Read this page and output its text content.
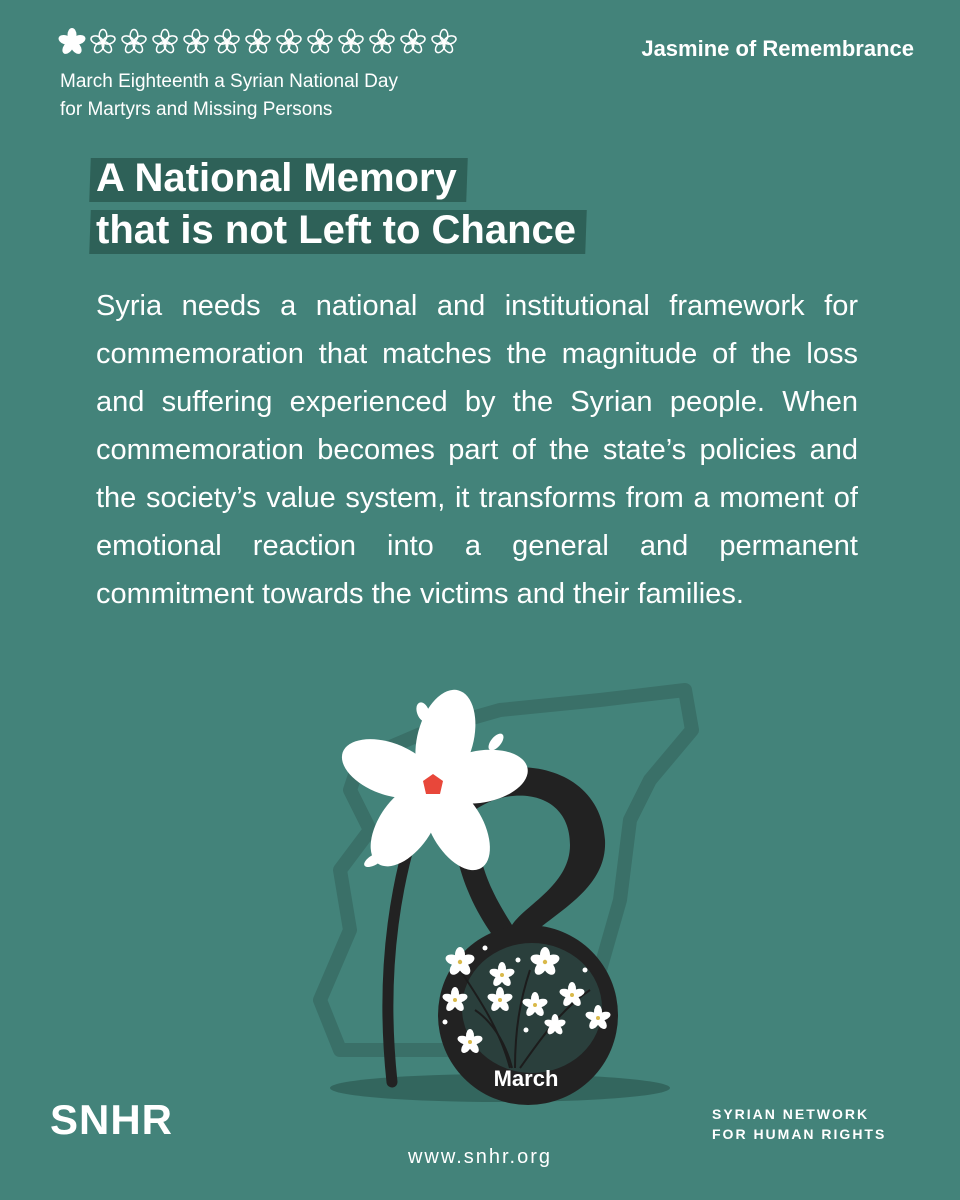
March Eighteenth a Syrian National Day
for Martyrs and Missing Persons
Jasmine of Remembrance
A National Memory
that is not Left to Chance
Syria needs a national and institutional framework for commemoration that matches the magnitude of the loss and suffering experienced by the Syrian people. When commemoration becomes part of the state’s policies and the society’s value system, it transforms from a moment of emotional reaction into a general and permanent commitment towards the victims and their families.
March
SNHR	SYRIAN NETWORK
FOR HUMAN RIGHTS
www.snhr.org
